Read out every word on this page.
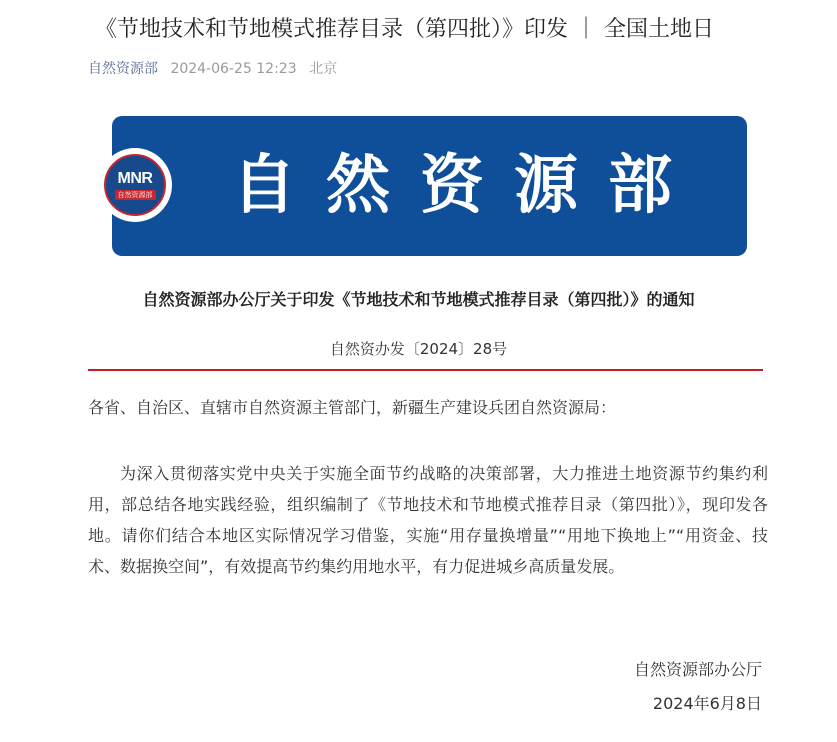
《节地技术和节地模式推荐目录（第四批）》印发 ｜ 全国土地日
自然资源部 2024-06-25 12:23 北京
MNR
自然资源部 自然资源部
自然资源部办公厅关于印发《节地技术和节地模式推荐目录（第四批）》的通知
自然资办发〔2024〕28号
各省、自治区、直辖市自然资源主管部门，新疆生产建设兵团自然资源局：
为深入贯彻落实党中央关于实施全面节约战略的决策部署，大力推进土地资源节约集约利用，部总结各地实践经验，组织编制了《节地技术和节地模式推荐目录（第四批）》，现印发各地。请你们结合本地区实际情况学习借鉴，实施“用存量换增量”“用地下换地上”“用资金、技术、数据换空间”，有效提高节约集约用地水平，有力促进城乡高质量发展。
自然资源部办公厅
2024年6月8日
